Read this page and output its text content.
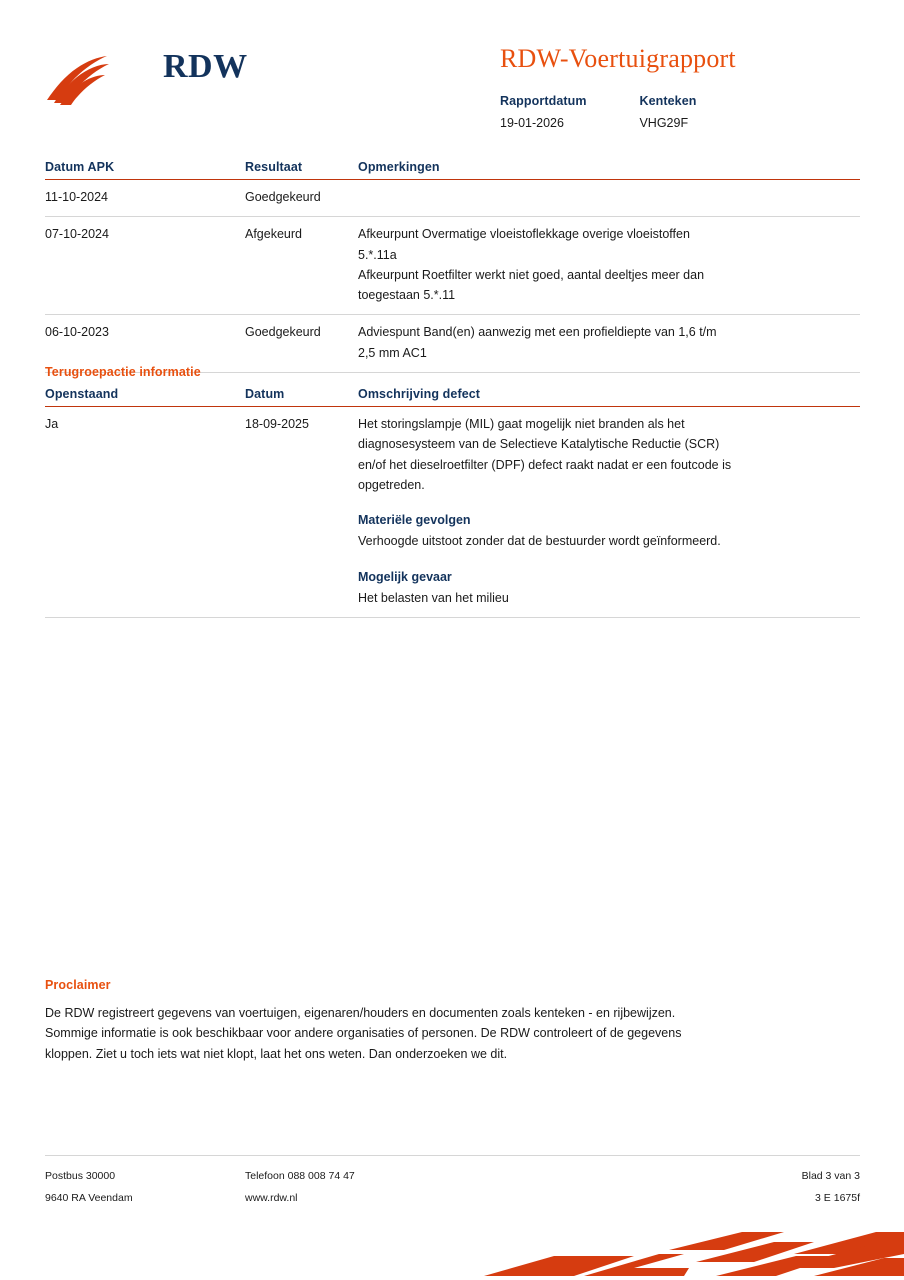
RDW	RDW-Voertuigrapport
Rapportdatum
19-01-2026

Kenteken
VHG29F
Datum APK	Resultaat	Opmerkingen
11-10-2024	Goedgekeurd	
07-10-2024	Afgekeurd	Afkeurpunt Overmatige vloeistoflekkage overige vloeistoffen
5.*.11a
Afkeurpunt Roetfilter werkt niet goed, aantal deeltjes meer dan
toegestaan 5.*.11

06-10-2023	Goedgekeurd	Adviespunt Band(en) aanwezig met een profieldiepte van 1,6 t/m
2,5 mm AC1
Terugroepactie informatie
Openstaand	Datum	Omschrijving defect
Ja	18-09-2025	Het storingslampje (MIL) gaat mogelijk niet branden als het
diagnosesysteem van de Selectieve Katalytische Reductie (SCR)
en/of het dieselroetfilter (DPF) defect raakt nadat er een foutcode is
opgetreden.
Materiële gevolgen
Verhoogde uitstoot zonder dat de bestuurder wordt geïnformeerd.
Mogelijk gevaar
Het belasten van het milieu
Proclaimer

De RDW registreert gegevens van voertuigen, eigenaren/houders en documenten zoals kenteken - en rijbewijzen.

Sommige informatie is ook beschikbaar voor andere organisaties of personen. De RDW controleert of de gegevens

kloppen. Ziet u toch iets wat niet klopt, laat het ons weten. Dan onderzoeken we dit.

Postbus 30000	Telefoon 088 008 74 47	Blad 3 van 3
9640 RA Veendam	www.rdw.nl	3 E 1675f
